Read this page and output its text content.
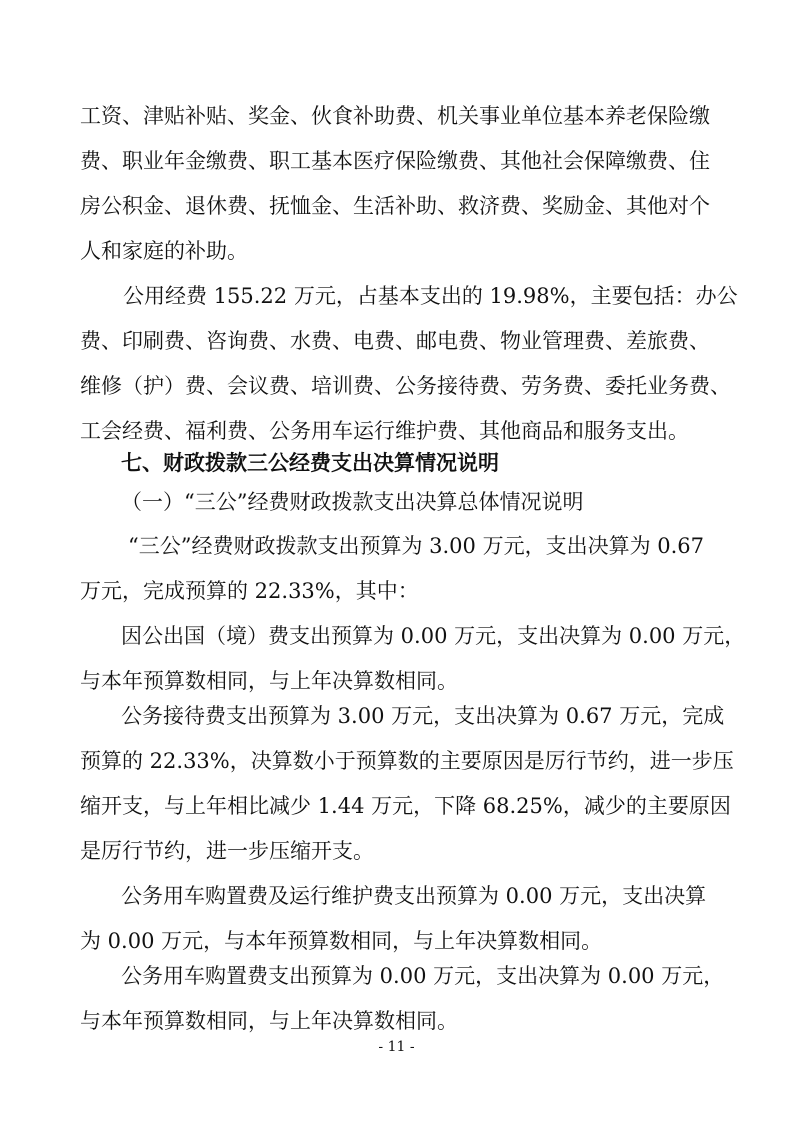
工资、津贴补贴、奖金、伙食补助费、机关事业单位基本养老保险缴
费、职业年金缴费、职工基本医疗保险缴费、其他社会保障缴费、住
房公积金、退休费、抚恤金、生活补助、救济费、奖励金、其他对个
人和家庭的补助。
公用经费 155.22 万元，占基本支出的 19.98%，主要包括：办公
费、印刷费、咨询费、水费、电费、邮电费、物业管理费、差旅费、
维修（护）费、会议费、培训费、公务接待费、劳务费、委托业务费、
工会经费、福利费、公务用车运行维护费、其他商品和服务支出。
七、财政拨款三公经费支出决算情况说明
（一）“三公”经费财政拨款支出决算总体情况说明
“三公”经费财政拨款支出预算为 3.00 万元，支出决算为 0.67
万元，完成预算的 22.33%，其中：
因公出国（境）费支出预算为 0.00 万元，支出决算为 0.00 万元，
与本年预算数相同，与上年决算数相同。
公务接待费支出预算为 3.00 万元，支出决算为 0.67 万元，完成
预算的 22.33%，决算数小于预算数的主要原因是厉行节约，进一步压
缩开支，与上年相比减少 1.44 万元，下降 68.25%，减少的主要原因
是厉行节约，进一步压缩开支。
公务用车购置费及运行维护费支出预算为 0.00 万元，支出决算
为 0.00 万元，与本年预算数相同，与上年决算数相同。
公务用车购置费支出预算为 0.00 万元，支出决算为 0.00 万元，
与本年预算数相同，与上年决算数相同。
- 11 -
